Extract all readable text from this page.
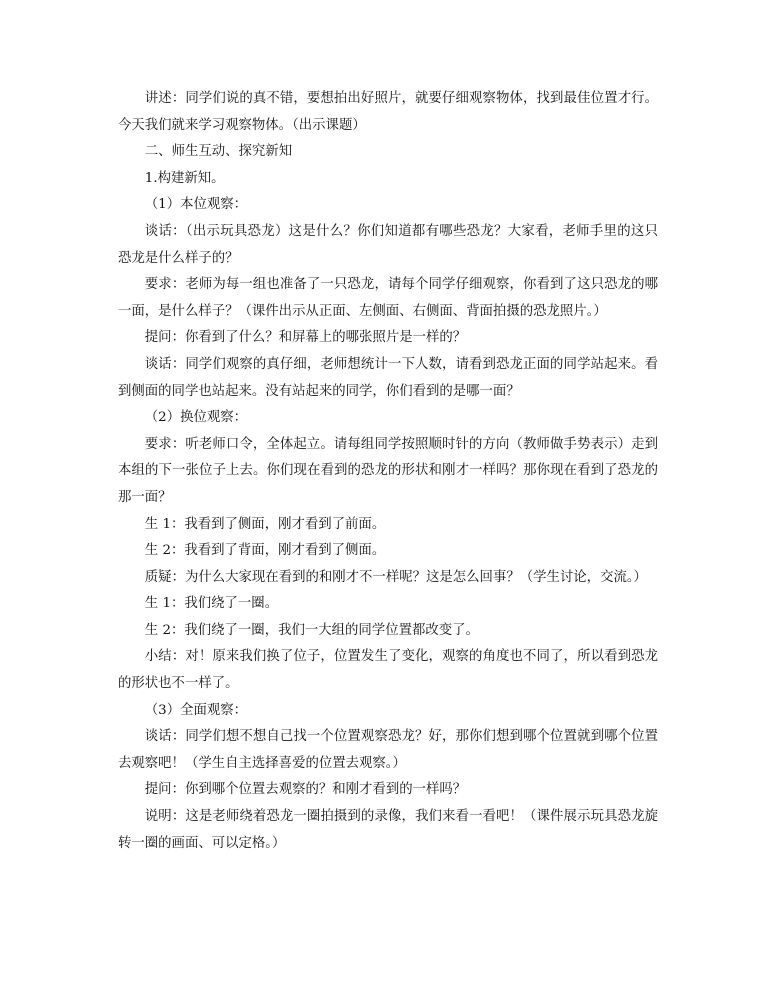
讲述：同学们说的真不错，要想拍出好照片，就要仔细观察物体，找到最佳位置才行。今天我们就来学习观察物体。（出示课题）

二、师生互动、探究新知

1.构建新知。

（1）本位观察：

谈话：（出示玩具恐龙）这是什么？你们知道都有哪些恐龙？大家看，老师手里的这只恐龙是什么样子的？

要求：老师为每一组也准备了一只恐龙，请每个同学仔细观察，你看到了这只恐龙的哪一面，是什么样子？（课件出示从正面、左侧面、右侧面、背面拍摄的恐龙照片。）

提问：你看到了什么？和屏幕上的哪张照片是一样的？

谈话：同学们观察的真仔细，老师想统计一下人数，请看到恐龙正面的同学站起来。看到侧面的同学也站起来。没有站起来的同学，你们看到的是哪一面？

（2）换位观察：

要求：听老师口令，全体起立。请每组同学按照顺时针的方向（教师做手势表示）走到本组的下一张位子上去。你们现在看到的恐龙的形状和刚才一样吗？那你现在看到了恐龙的那一面？

生 1：我看到了侧面，刚才看到了前面。

生 2：我看到了背面，刚才看到了侧面。

质疑：为什么大家现在看到的和刚才不一样呢？这是怎么回事？（学生讨论，交流。）

生 1：我们绕了一圈。

生 2：我们绕了一圈，我们一大组的同学位置都改变了。

小结：对！原来我们换了位子，位置发生了变化，观察的角度也不同了，所以看到恐龙的形状也不一样了。

（3）全面观察：

谈话：同学们想不想自己找一个位置观察恐龙？好，那你们想到哪个位置就到哪个位置去观察吧！（学生自主选择喜爱的位置去观察。）

提问：你到哪个位置去观察的？和刚才看到的一样吗？

说明：这是老师绕着恐龙一圈拍摄到的录像，我们来看一看吧！（课件展示玩具恐龙旋转一圈的画面、可以定格。）
